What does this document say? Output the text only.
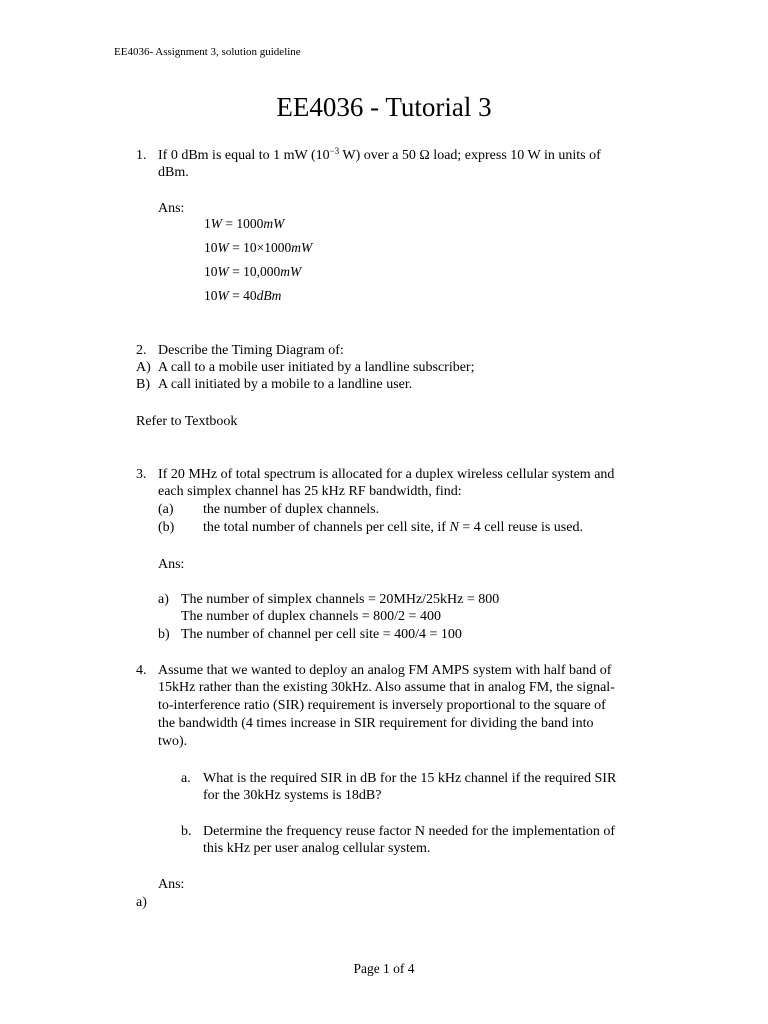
EE4036- Assignment 3, solution guideline
EE4036 - Tutorial 3
1. If 0 dBm is equal to 1 mW ($10^{-3}$ W) over a 50 Ω load; express 10 W in units of
dBm.
Ans:
1W = 1000mW
10W = 10×1000mW
10W = 10,000mW
10W = 40dBm
2. Describe the Timing Diagram of:
A) A call to a mobile user initiated by a landline subscriber;
B) A call initiated by a mobile to a landline user.
Refer to Textbook
3. If 20 MHz of total spectrum is allocated for a duplex wireless cellular system and
each simplex channel has 25 kHz RF bandwidth, find:
(a) the number of duplex channels.
(b) the total number of channels per cell site, if N = 4 cell reuse is used.
Ans:
a) The number of simplex channels = 20MHz/25kHz = 800
The number of duplex channels = 800/2 = 400
b) The number of channel per cell site = 400/4 = 100
4. Assume that we wanted to deploy an analog FM AMPS system with half band of
15kHz rather than the existing 30kHz. Also assume that in analog FM, the signal-
to-interference ratio (SIR) requirement is inversely proportional to the square of
the bandwidth (4 times increase in SIR requirement for dividing the band into
two).
a. What is the required SIR in dB for the 15 kHz channel if the required SIR
for the 30kHz systems is 18dB?
b. Determine the frequency reuse factor N needed for the implementation of
this kHz per user analog cellular system.
Ans:
a)
Page 1 of 4
